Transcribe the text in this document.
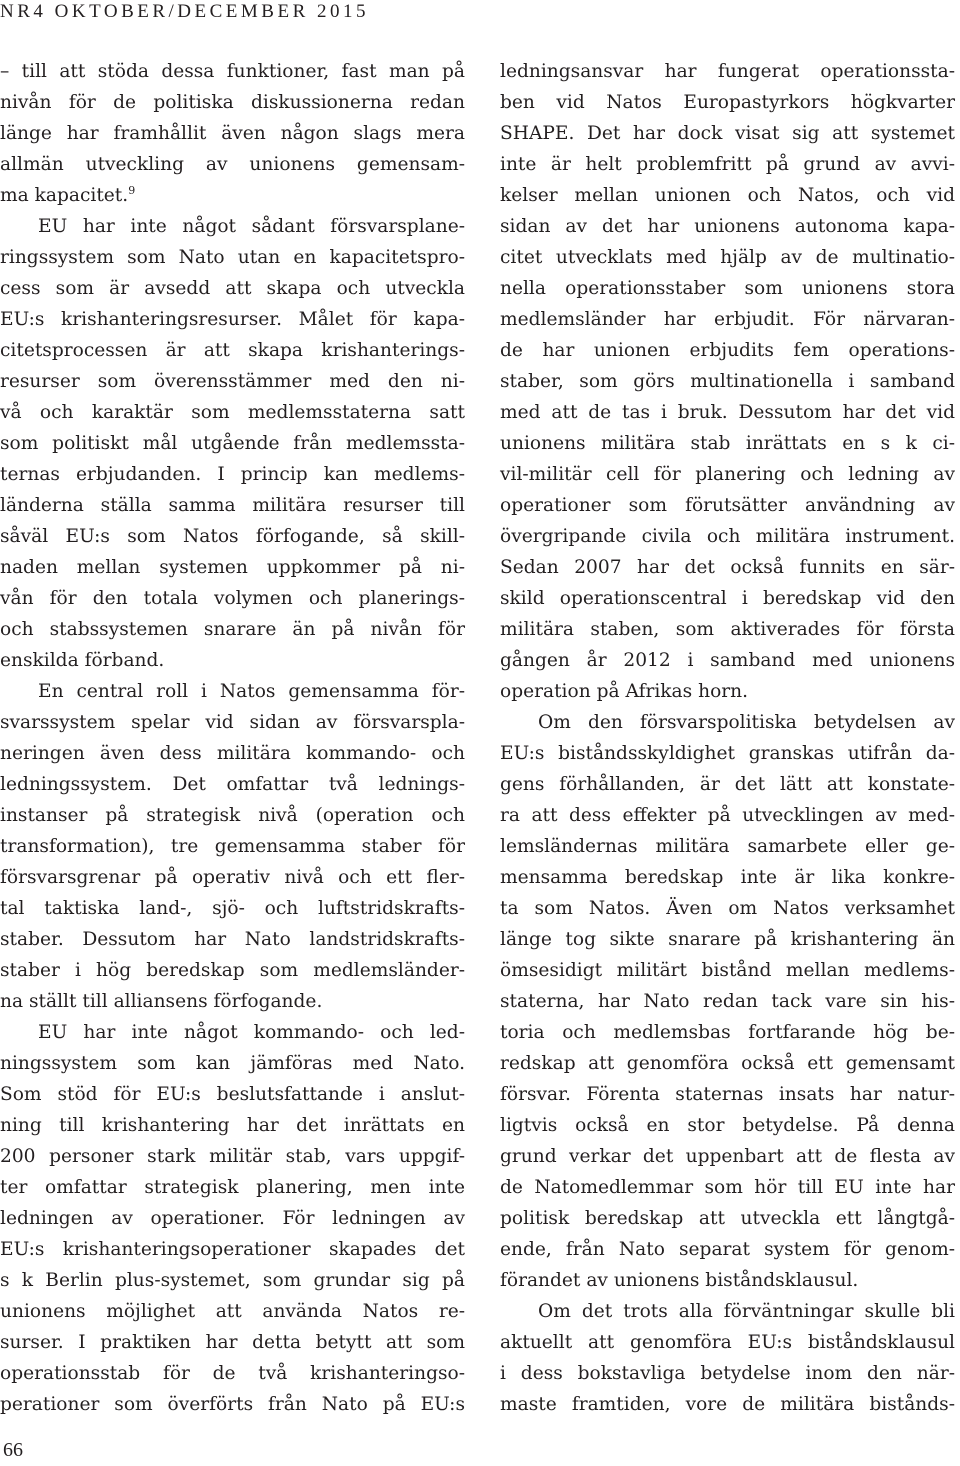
NR4 OKTOBER/DECEMBER 2015
– till att stöda dessa funktioner, fast man på
nivån för de politiska diskussionerna redan
länge har framhållit även någon slags mera
allmän utveckling av unionens gemensam-
ma kapacitet.$^9$
EU har inte något sådant försvarsplane-
ringssystem som Nato utan en kapacitetspro-
cess som är avsedd att skapa och utveckla
EU:s krishanteringsresurser. Målet för kapa-
citetsprocessen är att skapa krishanterings-
resurser som överensstämmer med den ni-
vå och karaktär som medlemsstaterna satt
som politiskt mål utgående från medlemssta-
ternas erbjudanden. I princip kan medlems-
länderna ställa samma militära resurser till
såväl EU:s som Natos förfogande, så skill-
naden mellan systemen uppkommer på ni-
vån för den totala volymen och planerings-
och stabssystemen snarare än på nivån för
enskilda förband.
En central roll i Natos gemensamma för-
svarssystem spelar vid sidan av försvarspla-
neringen även dess militära kommando- och
ledningssystem. Det omfattar två lednings-
instanser på strategisk nivå (operation och
transformation), tre gemensamma staber för
försvarsgrenar på operativ nivå och ett fler-
tal taktiska land-, sjö- och luftstridskrafts-
staber. Dessutom har Nato landstridskrafts-
staber i hög beredskap som medlemsländer-
na ställt till alliansens förfogande.
EU har inte något kommando- och led-
ningssystem som kan jämföras med Nato.
Som stöd för EU:s beslutsfattande i anslut-
ning till krishantering har det inrättats en
200 personer stark militär stab, vars uppgif-
ter omfattar strategisk planering, men inte
ledningen av operationer. För ledningen av
EU:s krishanteringsoperationer skapades det
s k Berlin plus-systemet, som grundar sig på
unionens möjlighet att använda Natos re-
surser. I praktiken har detta betytt att som
operationsstab för de två krishanteringso-
perationer som överförts från Nato på EU:s
ledningsansvar har fungerat operationssta-
ben vid Natos Europastyrkors högkvarter
SHAPE. Det har dock visat sig att systemet
inte är helt problemfritt på grund av avvi-
kelser mellan unionen och Natos, och vid
sidan av det har unionens autonoma kapa-
citet utvecklats med hjälp av de multinatio-
nella operationsstaber som unionens stora
medlemsländer har erbjudit. För närvaran-
de har unionen erbjudits fem operations-
staber, som görs multinationella i samband
med att de tas i bruk. Dessutom har det vid
unionens militära stab inrättats en s k ci-
vil-militär cell för planering och ledning av
operationer som förutsätter användning av
övergripande civila och militära instrument.
Sedan 2007 har det också funnits en sär-
skild operationscentral i beredskap vid den
militära staben, som aktiverades för första
gången år 2012 i samband med unionens
operation på Afrikas horn.
Om den försvarspolitiska betydelsen av
EU:s biståndsskyldighet granskas utifrån da-
gens förhållanden, är det lätt att konstate-
ra att dess effekter på utvecklingen av med-
lemsländernas militära samarbete eller ge-
mensamma beredskap inte är lika konkre-
ta som Natos. Även om Natos verksamhet
länge tog sikte snarare på krishantering än
ömsesidigt militärt bistånd mellan medlems-
staterna, har Nato redan tack vare sin his-
toria och medlemsbas fortfarande hög be-
redskap att genomföra också ett gemensamt
försvar. Förenta staternas insats har natur-
ligtvis också en stor betydelse. På denna
grund verkar det uppenbart att de flesta av
de Natomedlemmar som hör till EU inte har
politisk beredskap att utveckla ett långtgå-
ende, från Nato separat system för genom-
förandet av unionens biståndsklausul.
Om det trots alla förväntningar skulle bli
aktuellt att genomföra EU:s biståndsklausul
i dess bokstavliga betydelse inom den när-
maste framtiden, vore de militära bistånds-
66
